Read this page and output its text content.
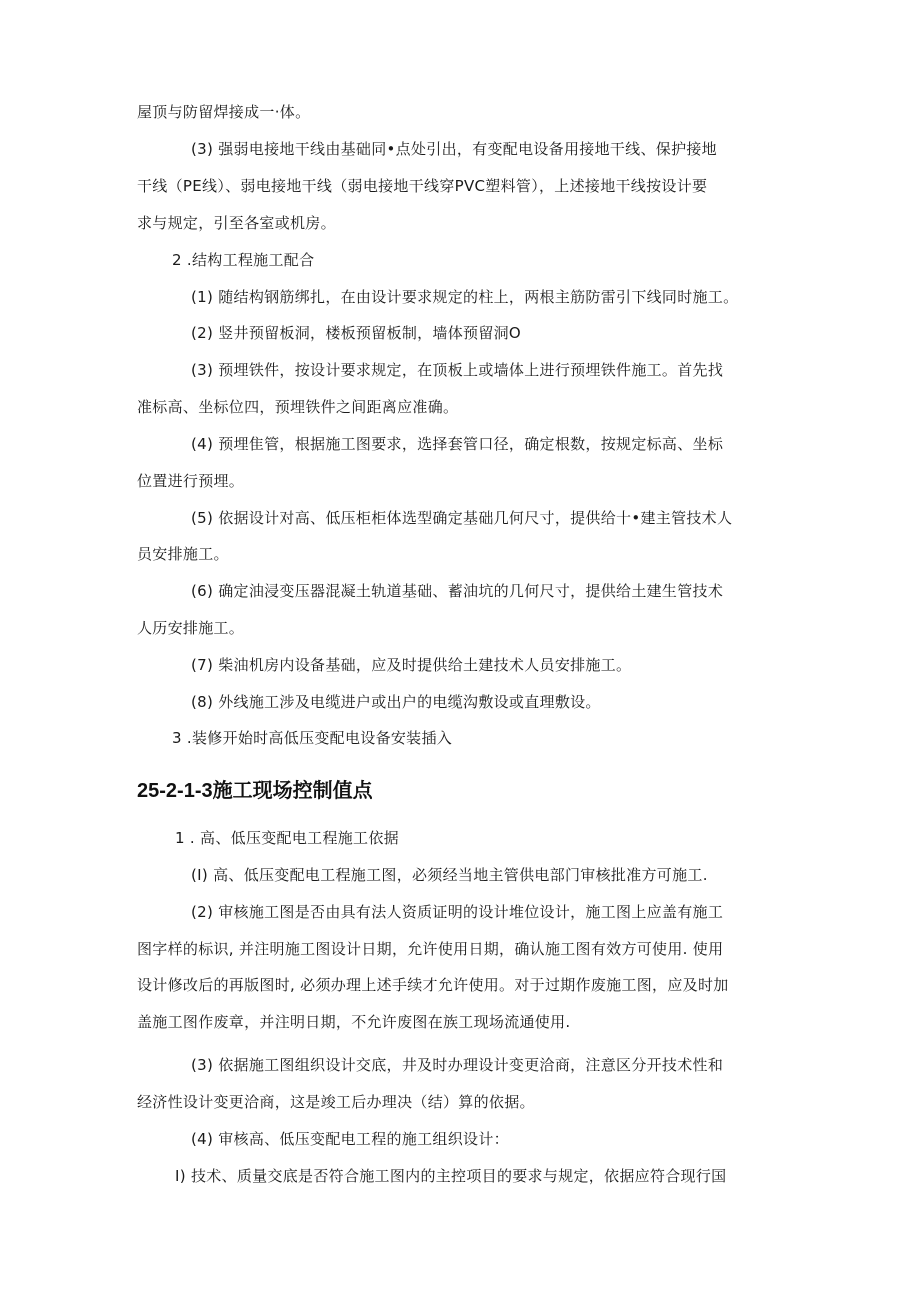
屋顶与防留焊接成一·体。
(3) 强弱电接地干线由基础同•点处引出，有变配电设备用接地干线、保护接地
干线（PE线）、弱电接地干线（弱电接地干线穿PVC塑料管），上述接地干线按设计要
求与规定，引至各室或机房。
2 .结构工程施工配合
(1) 随结构钢筋绑扎，在由设计要求规定的柱上，两根主筋防雷引下线同时施工。
(2) 竖井预留板洞，楼板预留板制，墙体预留洞O
(3) 预埋铁件，按设计要求规定，在顶板上或墙体上进行预埋铁件施工。首先找
准标高、坐标位四，预埋铁件之间距离应准确。
(4) 预埋隹管，根据施工图要求，选择套管口径，确定根数，按规定标高、坐标
位置进行预埋。
(5) 依据设计对高、低压柜柜体选型确定基础几何尺寸，提供给十•建主管技术人
员安排施工。
(6) 确定油浸变压器混凝土轨道基础、蓄油坑的几何尺寸，提供给土建生管技术
人历安排施工。
(7) 柴油机房内设备基础，应及时提供给土建技术人员安排施工。
(8) 外线施工涉及电缆进户或出户的电缆沟敷设或直理敷设。
3 .装修开始时高低压变配电设备安装插入
25-2-1-3施工现场控制值点
1 . 高、低压变配电工程施工依据
(I) 高、低压变配电工程施工图，必须经当地主管供电部门审核批准方可施工.
(2) 审核施工图是否由具有法人资质证明的设计堆位设计，施工图上应盖有施工
图字样的标识, 并注明施工图设计日期，允许使用日期，确认施工图有效方可使用. 使用
设计修改后的再版图时, 必须办理上述手续才允许使用。对于过期作废施工图，应及时加
盖施工图作废章，并注明日期，不允许废图在族工现场流通使用.
(3) 依据施工图组织设计交底，井及时办理设计变更洽商，注意区分开技术性和
经济性设计变更洽商，这是竣工后办理决（结）算的依据。
(4) 审核高、低压变配电工程的施工组织设计：
I) 技术、质量交底是否符合施工图内的主控项目的要求与规定，依据应符合现行国
